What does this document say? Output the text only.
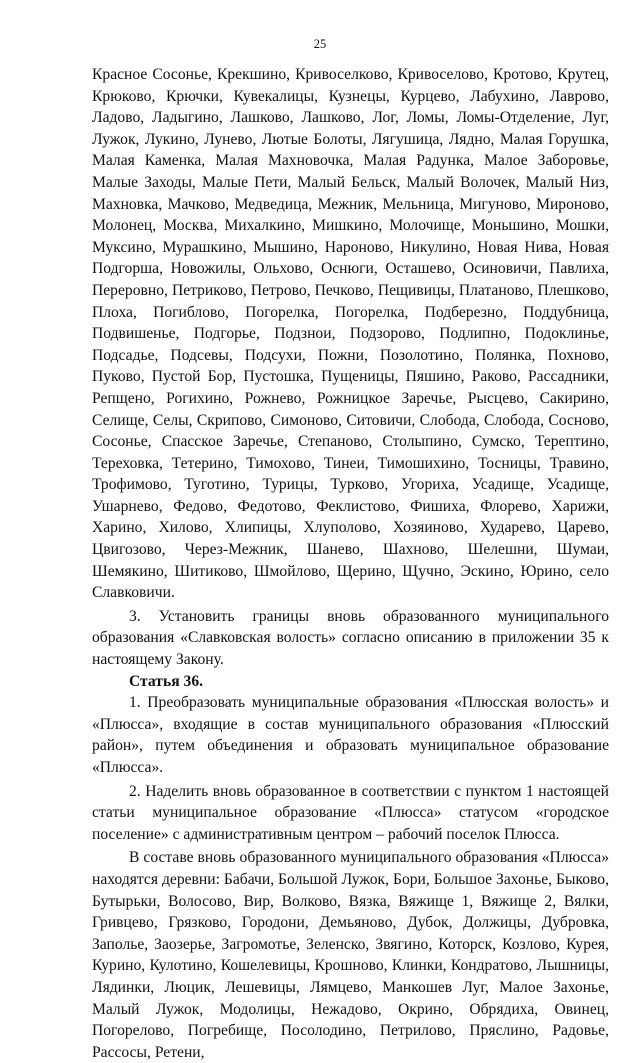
25

Красное Сосонье, Крекшино, Кривоселково, Кривоселово, Кротово, Крутец, Крюково, Крючки, Кувекалицы, Кузнецы, Курцево, Лабухино, Лаврово, Ладово, Ладыгино, Лашково, Лашково, Лог, Ломы, Ломы-Отделение, Луг, Лужок, Лукино, Лунево, Лютые Болоты, Лягушица, Лядно, Малая Горушка, Малая Каменка, Малая Махновочка, Малая Радунка, Малое Заборовье, Малые Заходы, Малые Пети, Малый Бельск, Малый Волочек, Малый Низ, Махновка, Мачково, Медведица, Межник, Мельница, Мигуново, Мироново, Молонец, Москва, Михалкино, Мишкино, Молочище, Моньшино, Мошки, Муксино, Мурашкино, Мышино, Нароново, Никулино, Новая Нива, Новая Подгорша, Новожилы, Ольхово, Оснюги, Осташево, Осиновичи, Павлиха, Переровно, Петриково, Петрово, Печково, Пещивицы, Платаново, Плешково, Плоха, Погиблово, Погорелка, Погорелка, Подберезно, Поддубница, Подвишенье, Подгорье, Подзнои, Подзорово, Подлипно, Подоклинье, Подсадье, Подсевы, Подсухи, Пожни, Позолотино, Полянка, Похново, Пуково, Пустой Бор, Пустошка, Пущеницы, Пяшино, Раково, Рассадники, Репщено, Рогихино, Рожнево, Рожницкое Заречье, Рысцево, Сакирино, Селище, Селы, Скрипово, Симоново, Ситовичи, Слобода, Слобода, Сосново, Сосонье, Спасское Заречье, Степаново, Столыпино, Сумско, Терептино, Тереховка, Тетерино, Тимохово, Тинеи, Тимошихино, Тосницы, Травино, Трофимово, Туготино, Турицы, Турково, Угориха, Усадище, Усадище, Ушарнево, Федово, Федотово, Феклистово, Фишиха, Флорево, Харижи, Харино, Хилово, Хлипицы, Хлуполово, Хозяиново, Хударево, Царево, Цвигозово, Через-Межник, Шанево, Шахново, Шелешни, Шумаи, Шемякино, Шитиково, Шмойлово, Щерино, Щучно, Эскино, Юрино, село Славковичи.

3. Установить границы вновь образованного муниципального образования «Славковская волость» согласно описанию в приложении 35 к настоящему Закону.

Статья 36.

1. Преобразовать муниципальные образования «Плюсская волость» и «Плюсса», входящие в состав муниципального образования «Плюсский район», путем объединения и образовать муниципальное образование «Плюсса».

2. Наделить вновь образованное в соответствии с пунктом 1 настоящей статьи муниципальное образование «Плюсса» статусом «городское поселение» с административным центром – рабочий поселок Плюсса.

В составе вновь образованного муниципального образования «Плюсса» находятся деревни: Бабачи, Большой Лужок, Бори, Большое Захонье, Быково, Бутырьки, Волосово, Вир, Волково, Вязка, Вяжище 1, Вяжище 2, Вялки, Гривцево, Грязково, Городони, Демьяново, Дубок, Должицы, Дубровка, Заполье, Заозерье, Загромотье, Зеленско, Звягино, Которск, Козлово, Курея, Курино, Кулотино, Кошелевицы, Крошново, Клинки, Кондратово, Лышницы, Лядинки, Люцик, Лешевицы, Лямцево, Манкошев Луг, Малое Захонье, Малый Лужок, Модолицы, Нежадово, Окрино, Обрядиха, Овинец, Погорелово, Погребище, Посолодино, Петрилово, Пряслино, Радовье, Рассосы, Ретени,
